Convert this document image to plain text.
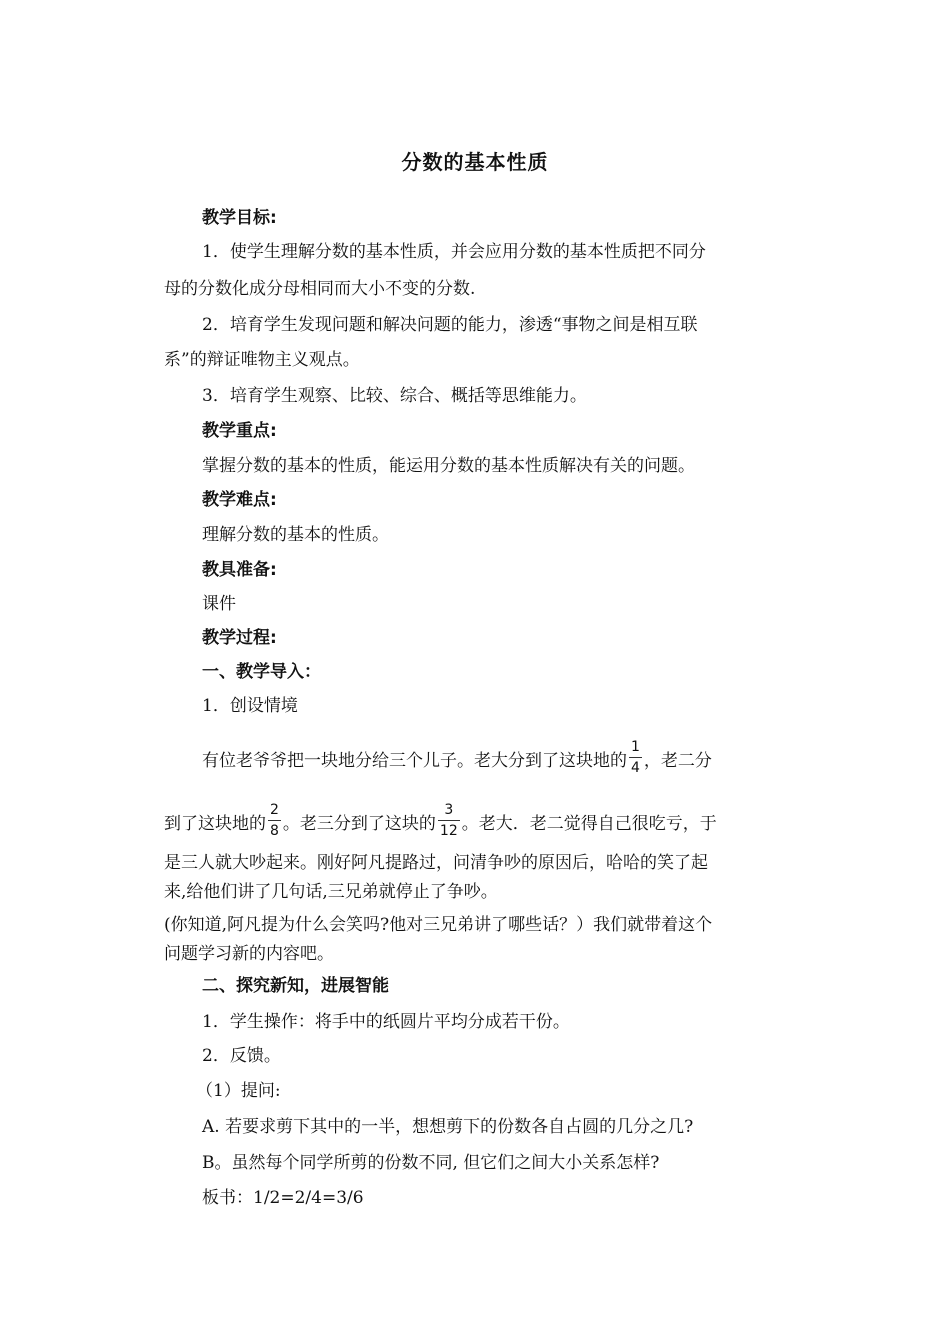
分数的基本性质
教学目标:
1．使学生理解分数的基本性质，并会应用分数的基本性质把不同分
母的分数化成分母相同而大小不变的分数.
2．培育学生发现问题和解决问题的能力，渗透“事物之间是相互联
系”的辩证唯物主义观点。
3．培育学生观察、比较、综合、概括等思维能力。
教学重点:
掌握分数的基本的性质，能运用分数的基本性质解决有关的问题。
教学难点:
理解分数的基本的性质。
教具准备:
课件
教学过程:
一、教学导入：
1．创设情境
有位老爷爷把一块地分给三个儿子。老大分到了这块地的 $\frac{1}{4}$ ，老二分
到了这块地的 $\frac{2}{8}$ 。老三分到了这块的 $\frac{3}{12}$ 。老大．老二觉得自己很吃亏，于
是三人就大吵起来。刚好阿凡提路过，问清争吵的原因后，哈哈的笑了起
来,给他们讲了几句话,三兄弟就停止了争吵。
(你知道,阿凡提为什么会笑吗?他对三兄弟讲了哪些话？）我们就带着这个
问题学习新的内容吧。
二、探究新知，进展智能
1．学生操作：将手中的纸圆片平均分成若干份。
2．反馈。
（1）提问:
A. 若要求剪下其中的一半，想想剪下的份数各自占圆的几分之几?
B。虽然每个同学所剪的份数不同, 但它们之间大小关系怎样?
板书：1/2=2/4=3/6
